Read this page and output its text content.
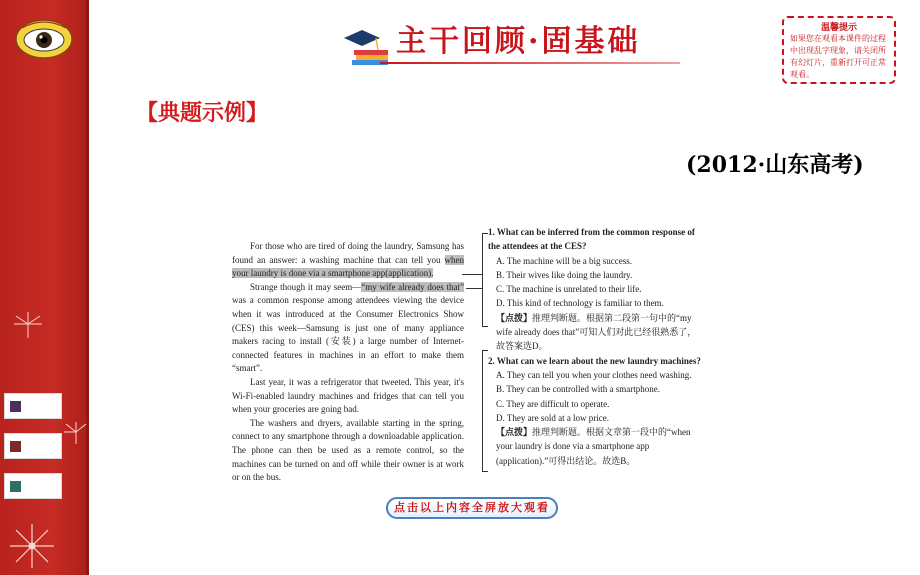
主干回顾·固基础	温馨提示
如果您在观看本课件的过程中出现乱字现象，请关闭所有幻灯片，重新打开可正常观看。
【典题示例】
(2012·山东高考)

For those who are tired of doing the laundry, Samsung has found an answer: a washing machine that can tell you when your laundry is done via a smartphone app(application).

Strange though it may seem—“my wife already does that” was a common response among attendees viewing the device when it was introduced at the Consumer Electronics Show (CES) this week—Samsung is just one of many appliance makers racing to install (安装) a large number of Internet-connected features in machines in an effort to make them “smart”.

Last year, it was a refrigerator that tweeted. This year, it's Wi-Fi-enabled laundry machines and fridges that can tell you when your groceries are going bad.

The washers and dryers, available starting in the spring, connect to any smartphone through a downloadable application. The phone can then be used as a remote control, so the machines can be turned on and off while their owner is at work or on the bus.

1. What can be inferred from the common response of the attendees at the CES?
A. The machine will be a big success.
B. Their wives like doing the laundry.
C. The machine is unrelated to their life.
D. This kind of technology is familiar to them.
【点拨】推理判断题。根据第二段第一句中的“my wife already does that”可知人们对此已经很熟悉了，故答案选D。
2. What can we learn about the new laundry machines?
A. They can tell you when your clothes need washing.
B. They can be controlled with a smartphone.
C. They are difficult to operate.
D. They are sold at a low price.
【点拨】推理判断题。根据文章第一段中的“when your laundry is done via a smartphone app (application).”可得出结论。故选B。
点击以上内容全屏放大观看
